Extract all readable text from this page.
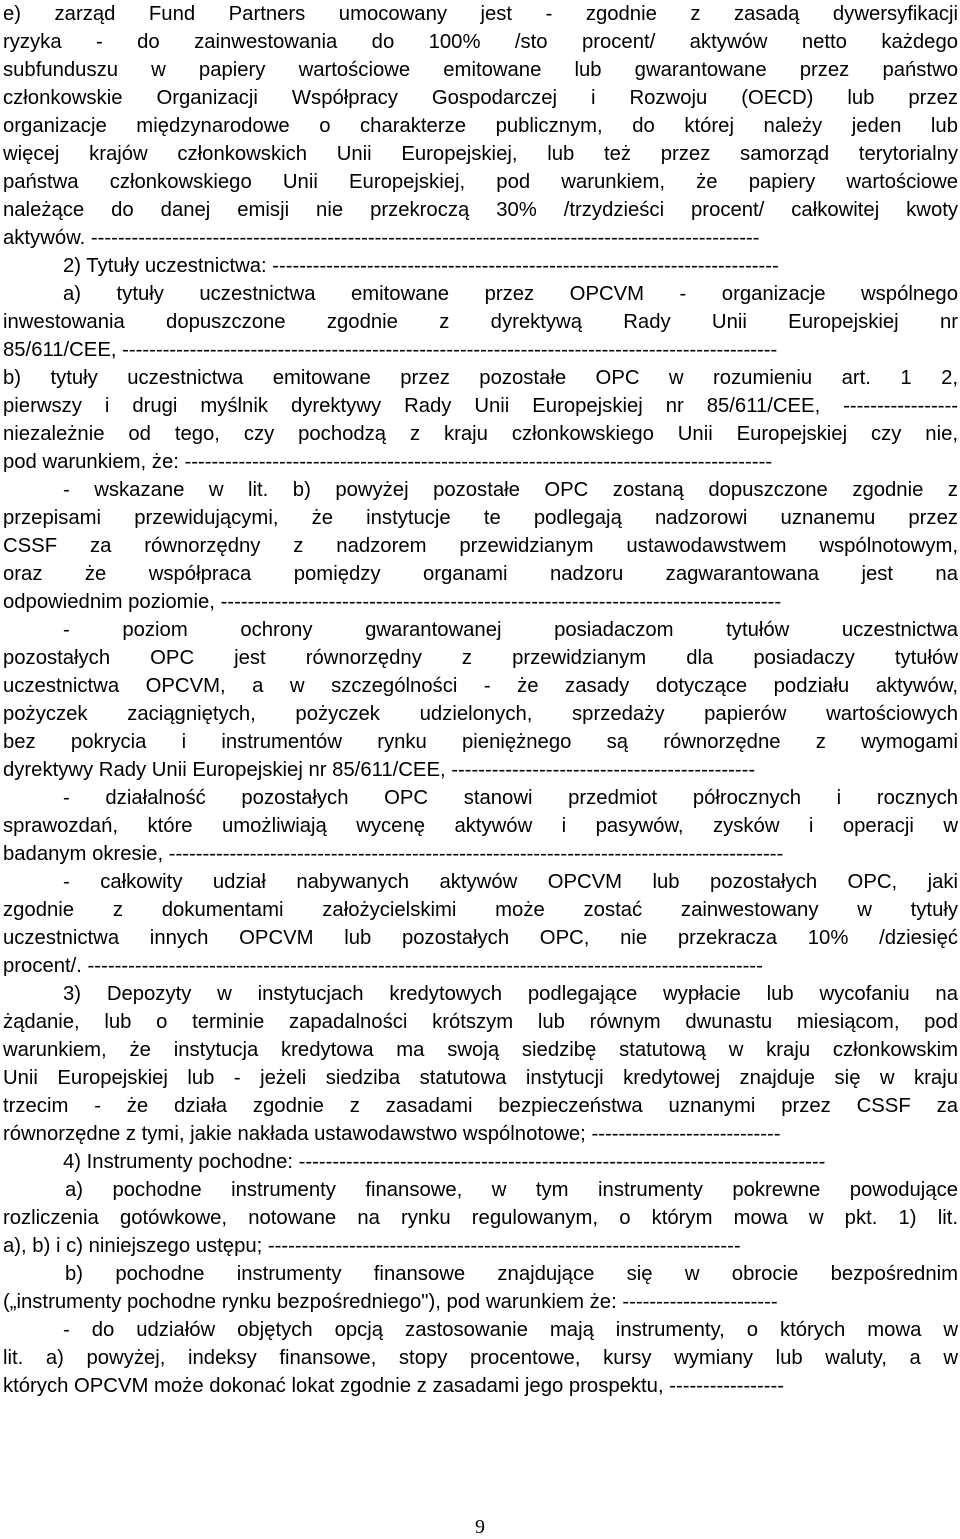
e) zarząd Fund Partners umocowany jest - zgodnie z zasadą dywersyfikacji
ryzyka - do zainwestowania do 100% /sto procent/ aktywów netto każdego
subfunduszu w papiery wartościowe emitowane lub gwarantowane przez państwo
członkowskie Organizacji Współpracy Gospodarczej i Rozwoju (OECD) lub przez
organizacje międzynarodowe o charakterze publicznym, do której należy jeden lub
więcej krajów członkowskich Unii Europejskiej, lub też przez samorząd terytorialny
państwa członkowskiego Unii Europejskiej, pod warunkiem, że papiery wartościowe
należące do danej emisji nie przekroczą 30% /trzydzieści procent/ całkowitej kwoty
aktywów. ---------------------------------------------------------------------------------------------------
2) Tytuły uczestnictwa: ---------------------------------------------------------------------------
a) tytuły uczestnictwa emitowane przez OPCVM - organizacje wspólnego
inwestowania dopuszczone zgodnie z dyrektywą Rady Unii Europejskiej nr
85/611/CEE, -------------------------------------------------------------------------------------------------
b) tytuły uczestnictwa emitowane przez pozostałe OPC w rozumieniu art. 1 2,
pierwszy i drugi myślnik dyrektywy Rady Unii Europejskiej nr 85/611/CEE, -----------------
niezależnie od tego, czy pochodzą z kraju członkowskiego Unii Europejskiej czy nie,
pod warunkiem, że: ---------------------------------------------------------------------------------------
- wskazane w lit. b) powyżej pozostałe OPC zostaną dopuszczone zgodnie z
przepisami przewidującymi, że instytucje te podlegają nadzorowi uznanemu przez
CSSF za równorzędny z nadzorem przewidzianym ustawodawstwem wspólnotowym,
oraz że współpraca pomiędzy organami nadzoru zagwarantowana jest na
odpowiednim poziomie, -----------------------------------------------------------------------------------
- poziom ochrony gwarantowanej posiadaczom tytułów uczestnictwa
pozostałych OPC jest równorzędny z przewidzianym dla posiadaczy tytułów
uczestnictwa OPCVM, a w szczególności - że zasady dotyczące podziału aktywów,
pożyczek zaciągniętych, pożyczek udzielonych, sprzedaży papierów wartościowych
bez pokrycia i instrumentów rynku pieniężnego są równorzędne z wymogami
dyrektywy Rady Unii Europejskiej nr 85/611/CEE, ---------------------------------------------
- działalność pozostałych OPC stanowi przedmiot półrocznych i rocznych
sprawozdań, które umożliwiają wycenę aktywów i pasywów, zysków i operacji w
badanym okresie, -------------------------------------------------------------------------------------------
- całkowity udział nabywanych aktywów OPCVM lub pozostałych OPC, jaki
zgodnie z dokumentami założycielskimi może zostać zainwestowany w tytuły
uczestnictwa innych OPCVM lub pozostałych OPC, nie przekracza 10% /dziesięć
procent/. ----------------------------------------------------------------------------------------------------
3) Depozyty w instytucjach kredytowych podlegające wypłacie lub wycofaniu na
żądanie, lub o terminie zapadalności krótszym lub równym dwunastu miesiącom, pod
warunkiem, że instytucja kredytowa ma swoją siedzibę statutową w kraju członkowskim
Unii Europejskiej lub - jeżeli siedziba statutowa instytucji kredytowej znajduje się w kraju
trzecim - że działa zgodnie z zasadami bezpieczeństwa uznanymi przez CSSF za
równorzędne z tymi, jakie nakłada ustawodawstwo wspólnotowe; ----------------------------
4) Instrumenty pochodne: ------------------------------------------------------------------------------
a) pochodne instrumenty finansowe, w tym instrumenty pokrewne powodujące
rozliczenia gotówkowe, notowane na rynku regulowanym, o którym mowa w pkt. 1) lit.
a), b) i c) niniejszego ustępu; ----------------------------------------------------------------------
b) pochodne instrumenty finansowe znajdujące się w obrocie bezpośrednim
(„instrumenty pochodne rynku bezpośredniego"), pod warunkiem że: -----------------------
- do udziałów objętych opcją zastosowanie mają instrumenty, o których mowa w
lit. a) powyżej, indeksy finansowe, stopy procentowe, kursy wymiany lub waluty, a w
których OPCVM może dokonać lokat zgodnie z zasadami jego prospektu, -----------------
9
